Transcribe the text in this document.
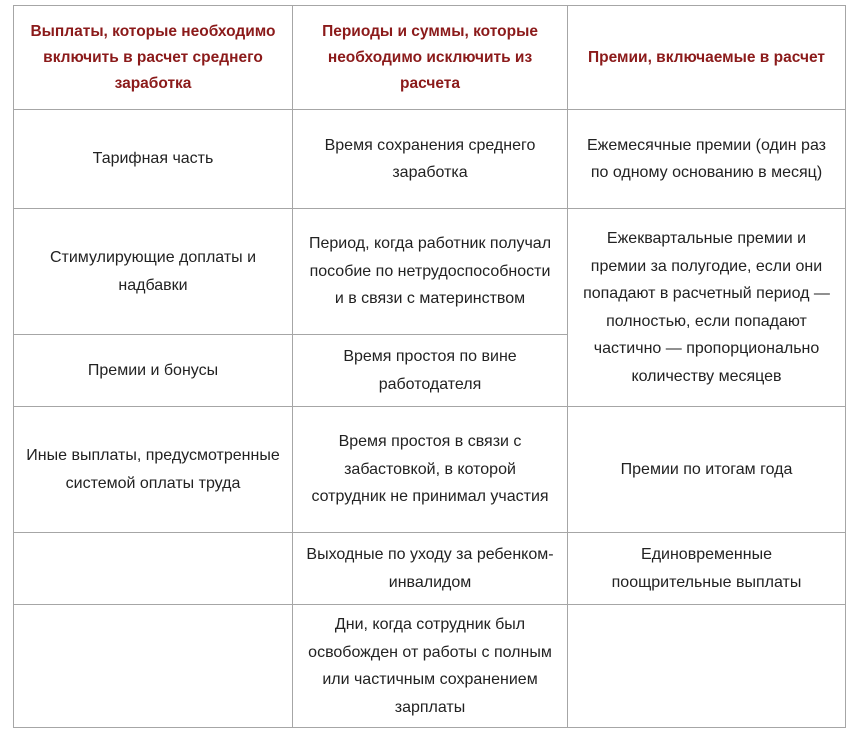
Выплаты, которые необходимо включить в расчет среднего заработка	Периоды и суммы, которые необходимо исключить из расчета	Премии, включаемые в расчет
Тарифная часть	Время сохранения среднего заработка	Ежемесячные премии (один раз по одному основанию в месяц)
Стимулирующие доплаты и надбавки	Период, когда работник получал пособие по нетрудоспособности и в связи с материнством	Ежеквартальные премии и премии за полугодие, если они попадают в расчетный период — полностью, если попадают частично — пропорционально количеству месяцев
Премии и бонусы	Время простоя по вине работодателя	
Иные выплаты, предусмотренные системой оплаты труда	Время простоя в связи с забастовкой, в которой сотрудник не принимал участия	Премии по итогам года
	Выходные по уходу за ребенком-инвалидом	Единовременные поощрительные выплаты
	Дни, когда сотрудник был освобожден от работы с полным или частичным сохранением зарплаты	
